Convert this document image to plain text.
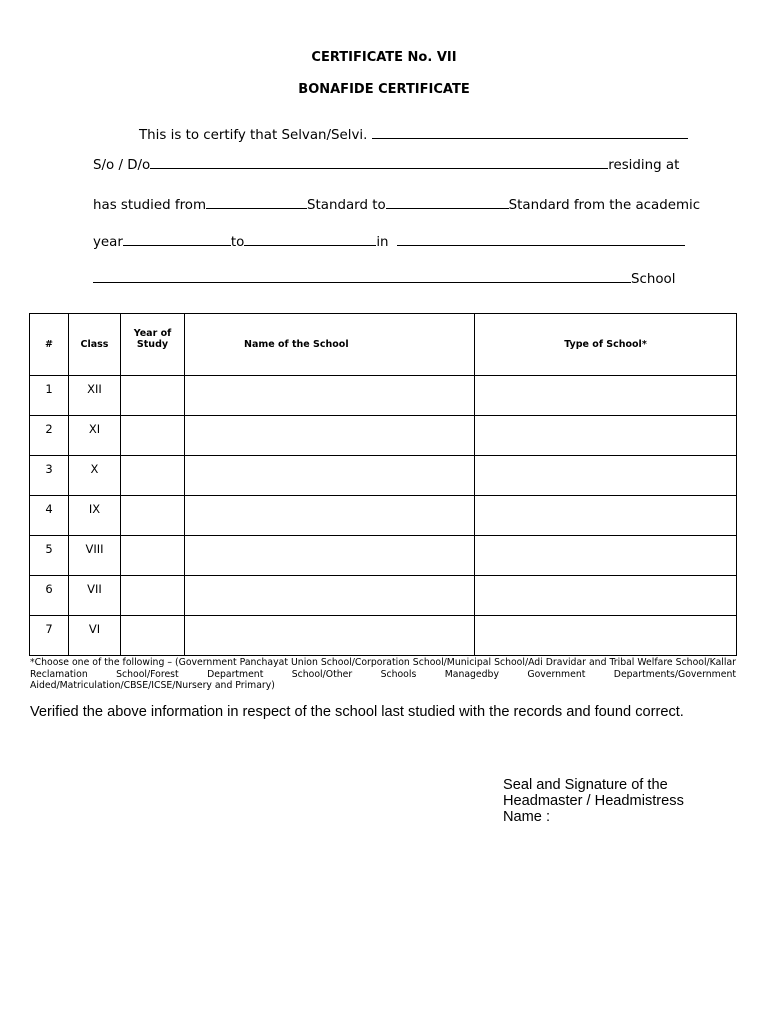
CERTIFICATE No. VII
BONAFIDE CERTIFICATE
This is to certify that Selvan/Selvi.
S/o / D/o	residing at
has studied from	Standard to	Standard from the academic
year	to	in
School
#	Class	Year of Study	Name of the School	Type of School*

1	XII			

2	XI			

3	X			

4	IX			

5	VIII			

6	VII			

7	VI			

*Choose one of the following – (Government Panchayat Union School/Corporation School/Municipal School/Adi Dravidar and Tribal Welfare School/Kallar Reclamation School/Forest Department School/Other Schools Managedby Government Departments/Government Aided/Matriculation/CBSE/ICSE/Nursery and Primary)
Verified the above information in respect of the school last studied with the records and found correct.
Seal and Signature of the
Headmaster / Headmistress
Name :
